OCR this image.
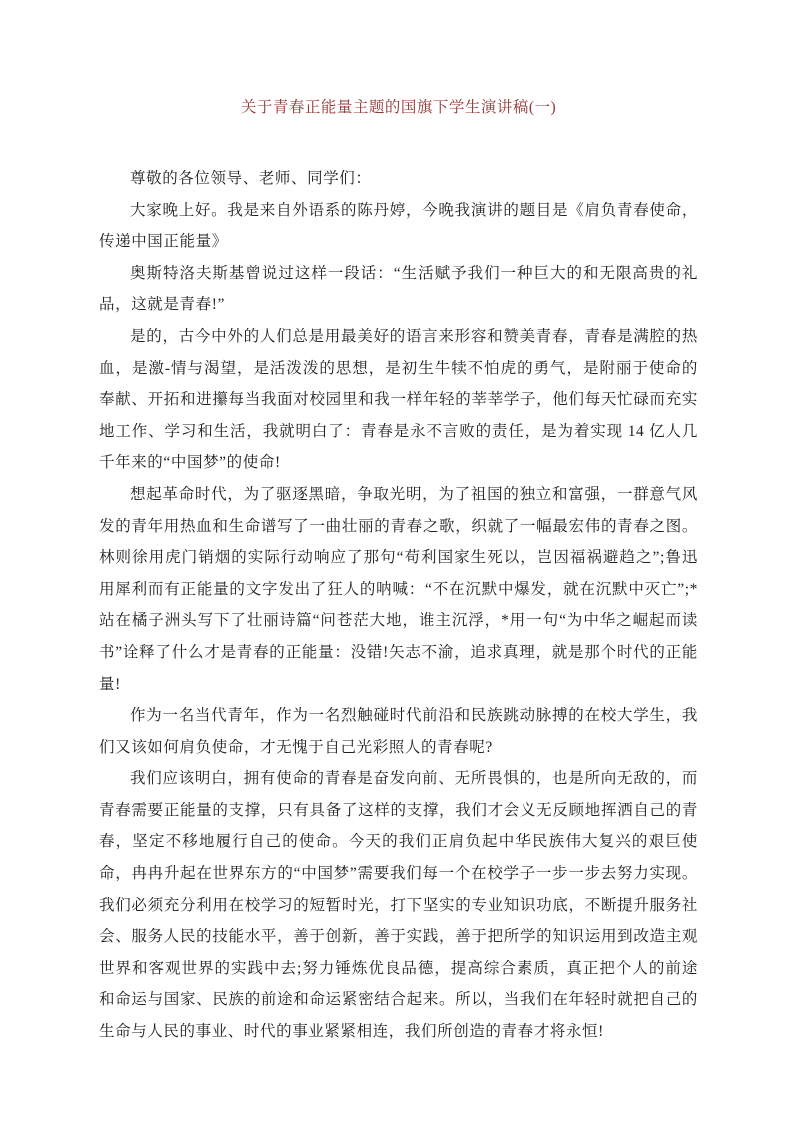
关于青春正能量主题的国旗下学生演讲稿(一)

尊敬的各位领导、老师、同学们：

大家晚上好。我是来自外语系的陈丹婷，今晚我演讲的题目是《肩负青春使命，传递中国正能量》

奥斯特洛夫斯基曾说过这样一段话：“生活赋予我们一种巨大的和无限高贵的礼品，这就是青春!”

是的，古今中外的人们总是用最美好的语言来形容和赞美青春，青春是满腔的热血，是激-情与渴望，是活泼泼的思想，是初生牛犊不怕虎的勇气，是附丽于使命的奉献、开拓和进攥每当我面对校园里和我一样年轻的莘莘学子，他们每天忙碌而充实地工作、学习和生活，我就明白了：青春是永不言败的责任，是为着实现 14 亿人几千年来的“中国梦”的使命!

想起革命时代，为了驱逐黑暗，争取光明，为了祖国的独立和富强，一群意气风发的青年用热血和生命谱写了一曲壮丽的青春之歌，织就了一幅最宏伟的青春之图。林则徐用虎门销烟的实际行动响应了那句“苟利国家生死以，岂因福祸避趋之”;鲁迅用犀利而有正能量的文字发出了狂人的呐喊：“不在沉默中爆发，就在沉默中灭亡”;*站在橘子洲头写下了壮丽诗篇“问苍茫大地，谁主沉浮，*用一句“为中华之崛起而读书”诠释了什么才是青春的正能量：没错!矢志不渝，追求真理，就是那个时代的正能量!

作为一名当代青年，作为一名烈触碰时代前沿和民族跳动脉搏的在校大学生，我们又该如何肩负使命，才无愧于自己光彩照人的青春呢?

我们应该明白，拥有使命的青春是奋发向前、无所畏惧的，也是所向无敌的，而青春需要正能量的支撑，只有具备了这样的支撑，我们才会义无反顾地挥洒自己的青春，坚定不移地履行自己的使命。今天的我们正肩负起中华民族伟大复兴的艰巨使命，冉冉升起在世界东方的“中国梦”需要我们每一个在校学子一步一步去努力实现。我们必须充分利用在校学习的短暂时光，打下坚实的专业知识功底，不断提升服务社会、服务人民的技能水平，善于创新，善于实践，善于把所学的知识运用到改造主观世界和客观世界的实践中去;努力锤炼优良品德，提高综合素质，真正把个人的前途和命运与国家、民族的前途和命运紧密结合起来。所以，当我们在年轻时就把自己的生命与人民的事业、时代的事业紧紧相连，我们所创造的青春才将永恒!
